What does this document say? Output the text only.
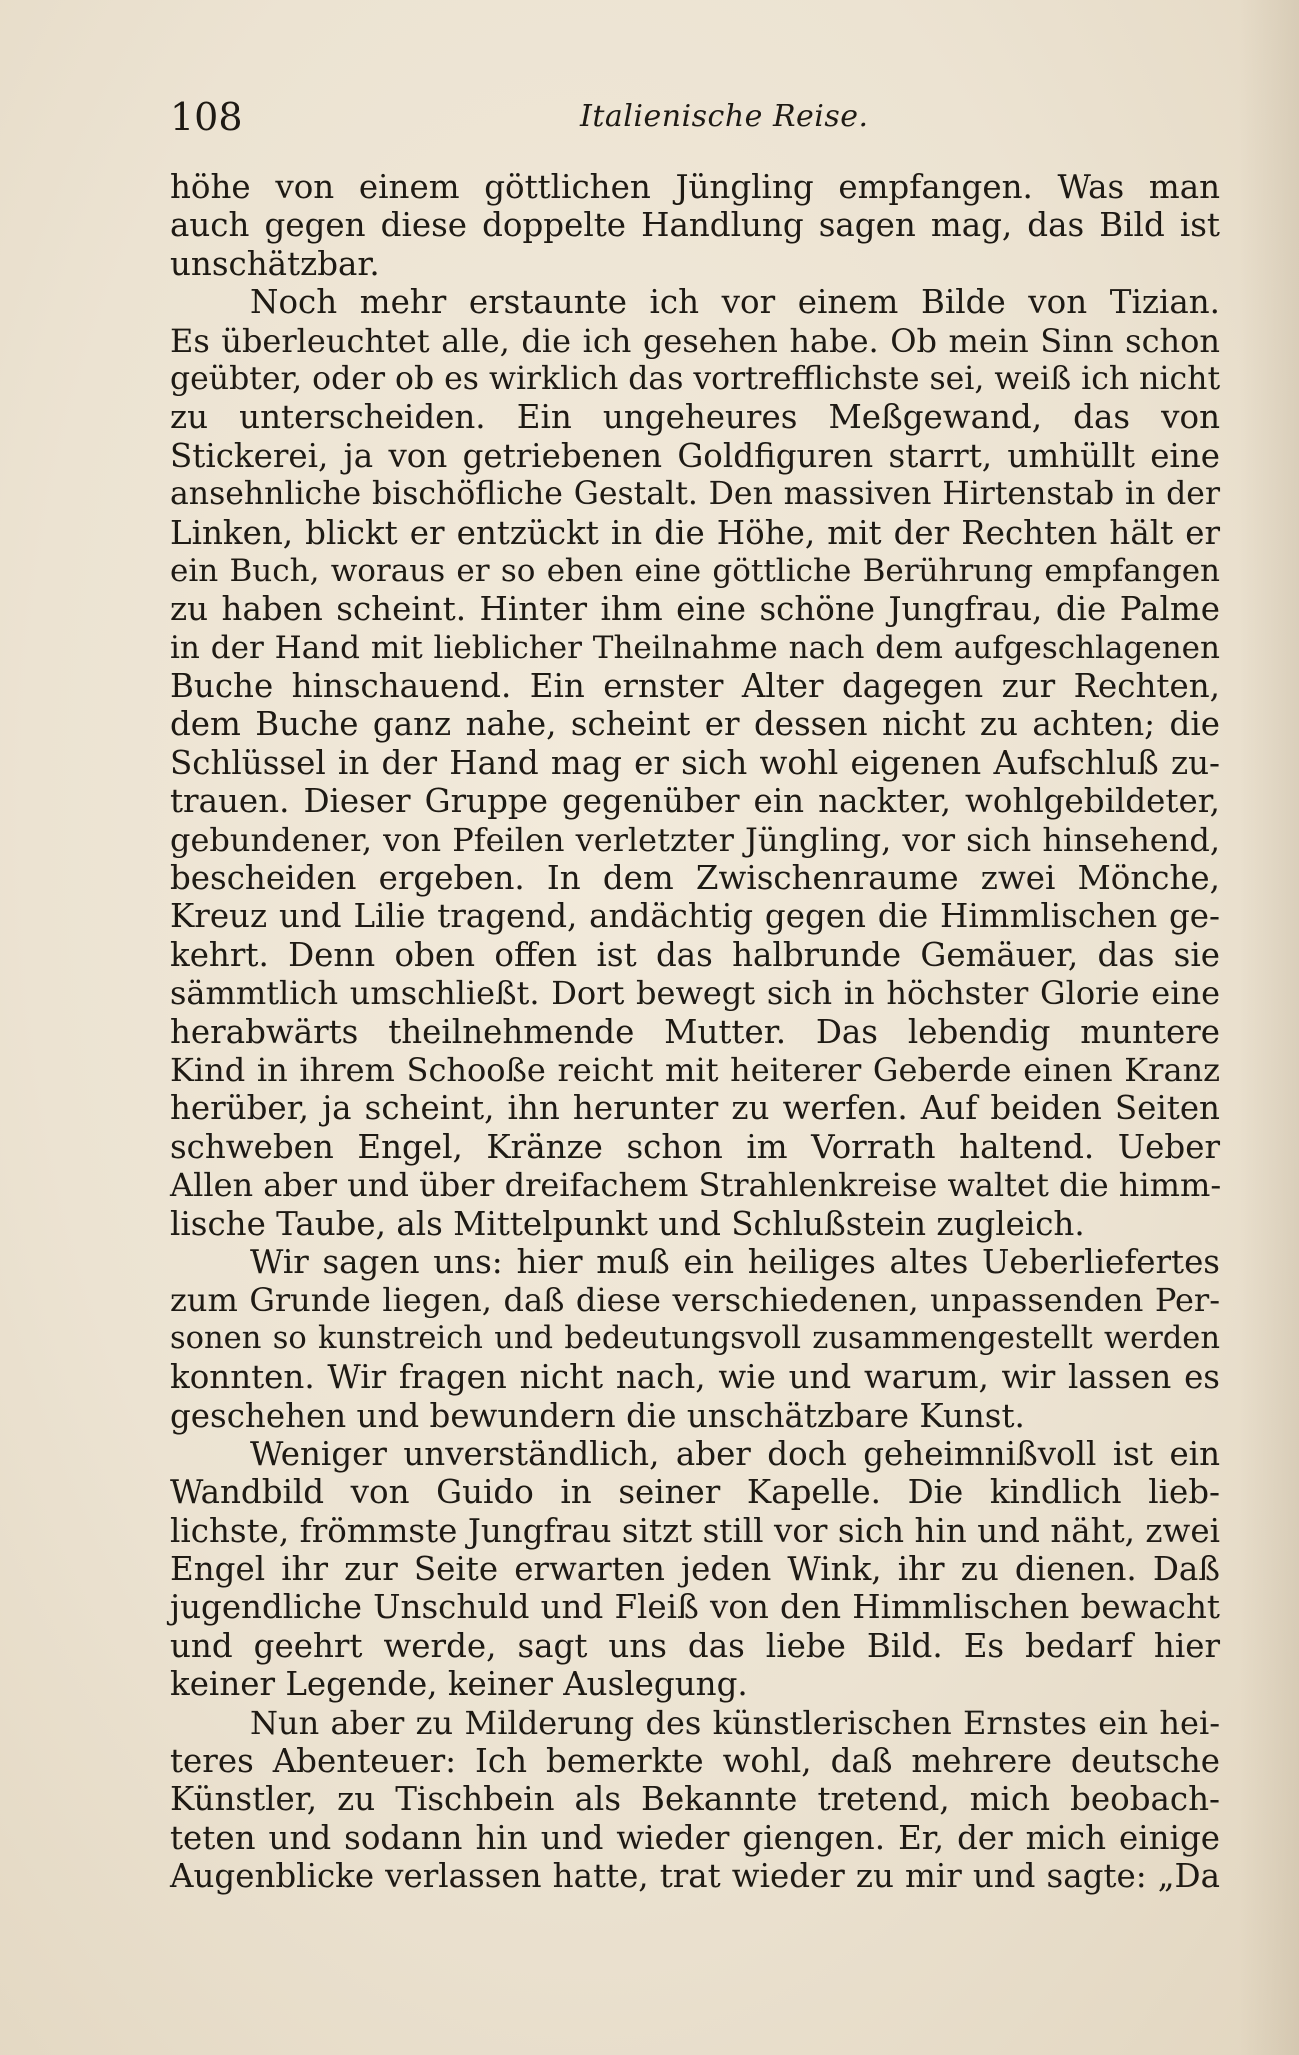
108	Italienische Reise.
höhe von einem göttlichen Jüngling empfangen. Was man
auch gegen diese doppelte Handlung sagen mag, das Bild ist
unschätzbar.
Noch mehr erstaunte ich vor einem Bilde von Tizian.
Es überleuchtet alle, die ich gesehen habe. Ob mein Sinn schon
geübter, oder ob es wirklich das vortrefflichste sei, weiß ich nicht
zu unterscheiden. Ein ungeheures Meßgewand, das von
Stickerei, ja von getriebenen Goldfiguren starrt, umhüllt eine
ansehnliche bischöfliche Gestalt. Den massiven Hirtenstab in der
Linken, blickt er entzückt in die Höhe, mit der Rechten hält er
ein Buch, woraus er so eben eine göttliche Berührung empfangen
zu haben scheint. Hinter ihm eine schöne Jungfrau, die Palme
in der Hand mit lieblicher Theilnahme nach dem aufgeschlagenen
Buche hinschauend. Ein ernster Alter dagegen zur Rechten,
dem Buche ganz nahe, scheint er dessen nicht zu achten; die
Schlüssel in der Hand mag er sich wohl eigenen Aufschluß zu-
trauen. Dieser Gruppe gegenüber ein nackter, wohlgebildeter,
gebundener, von Pfeilen verletzter Jüngling, vor sich hinsehend,
bescheiden ergeben. In dem Zwischenraume zwei Mönche,
Kreuz und Lilie tragend, andächtig gegen die Himmlischen ge-
kehrt. Denn oben offen ist das halbrunde Gemäuer, das sie
sämmtlich umschließt. Dort bewegt sich in höchster Glorie eine
herabwärts theilnehmende Mutter. Das lebendig muntere
Kind in ihrem Schooße reicht mit heiterer Geberde einen Kranz
herüber, ja scheint, ihn herunter zu werfen. Auf beiden Seiten
schweben Engel, Kränze schon im Vorrath haltend. Ueber
Allen aber und über dreifachem Strahlenkreise waltet die himm-
lische Taube, als Mittelpunkt und Schlußstein zugleich.
Wir sagen uns: hier muß ein heiliges altes Ueberliefertes
zum Grunde liegen, daß diese verschiedenen, unpassenden Per-
sonen so kunstreich und bedeutungsvoll zusammengestellt werden
konnten. Wir fragen nicht nach, wie und warum, wir lassen es
geschehen und bewundern die unschätzbare Kunst.
Weniger unverständlich, aber doch geheimnißvoll ist ein
Wandbild von Guido in seiner Kapelle. Die kindlich lieb-
lichste, frömmste Jungfrau sitzt still vor sich hin und näht, zwei
Engel ihr zur Seite erwarten jeden Wink, ihr zu dienen. Daß
jugendliche Unschuld und Fleiß von den Himmlischen bewacht
und geehrt werde, sagt uns das liebe Bild. Es bedarf hier
keiner Legende, keiner Auslegung.
Nun aber zu Milderung des künstlerischen Ernstes ein hei-
teres Abenteuer: Ich bemerkte wohl, daß mehrere deutsche
Künstler, zu Tischbein als Bekannte tretend, mich beobach-
teten und sodann hin und wieder giengen. Er, der mich einige
Augenblicke verlassen hatte, trat wieder zu mir und sagte: „Da
